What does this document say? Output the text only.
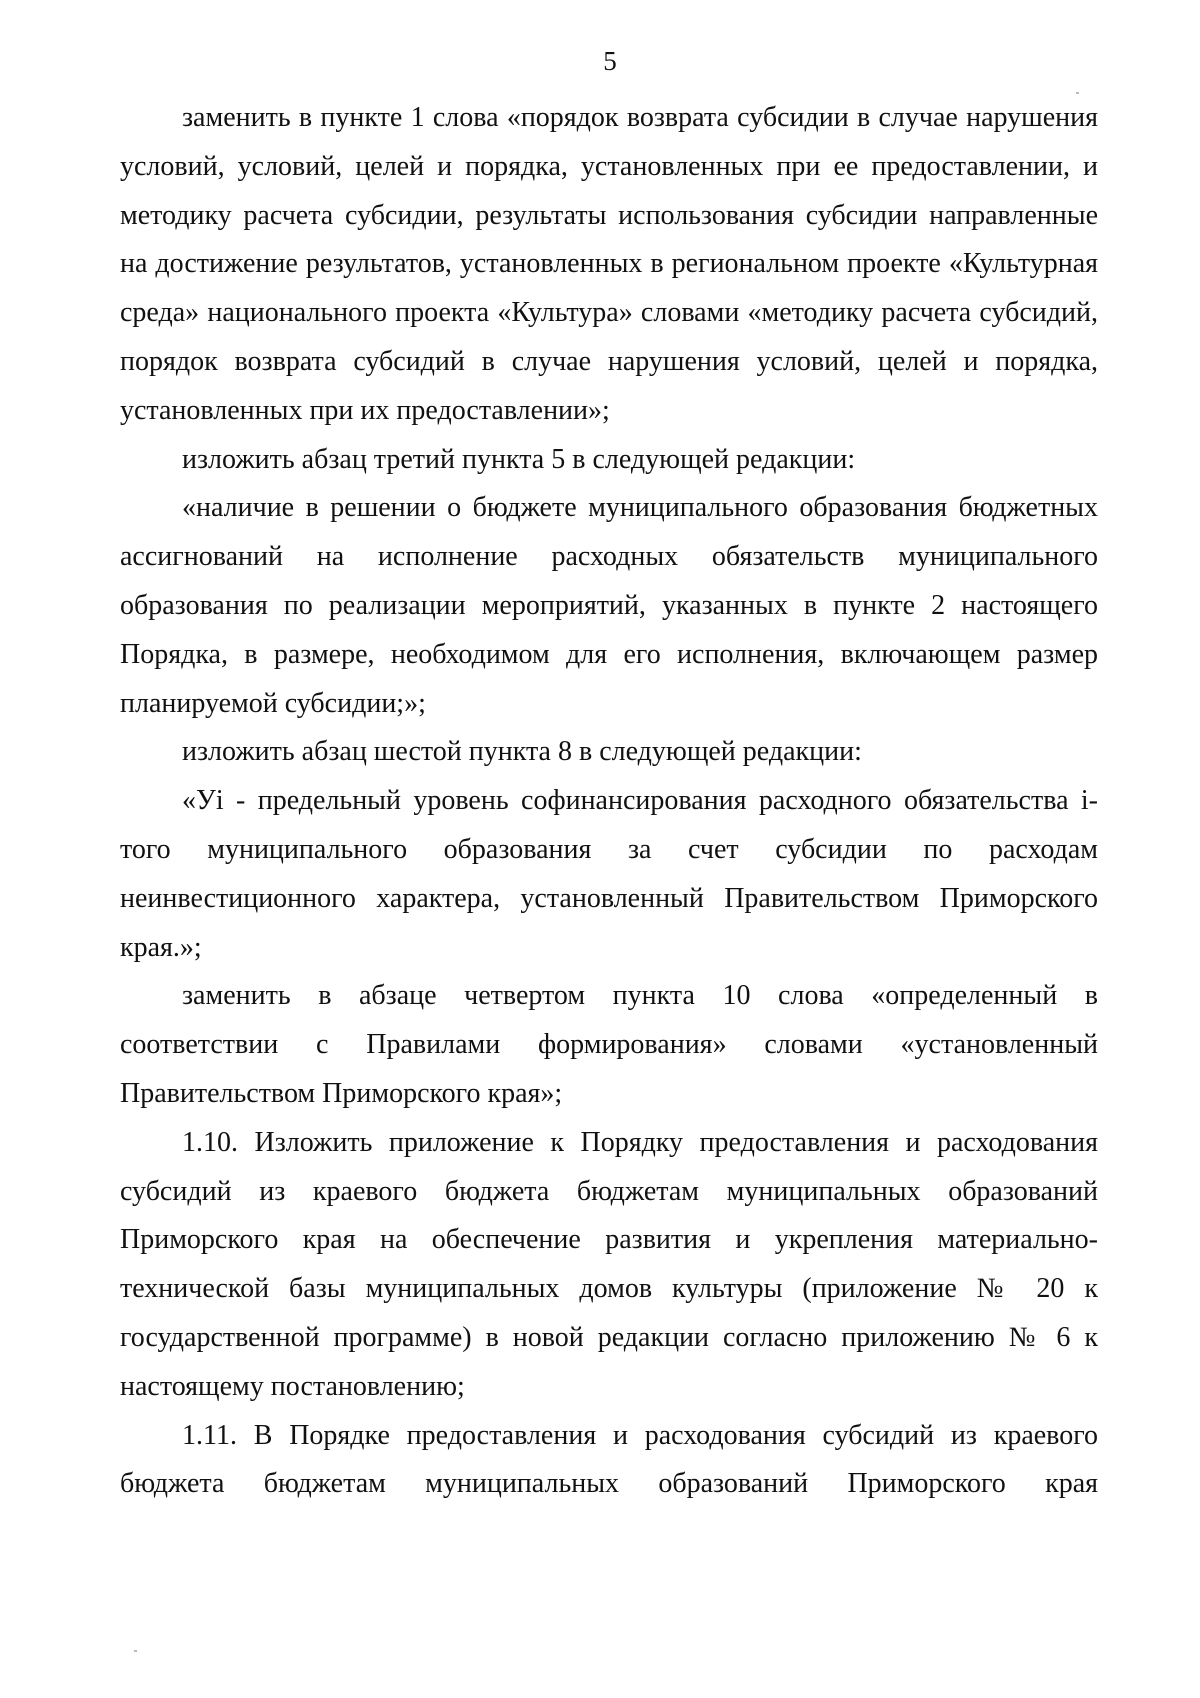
5

заменить в пункте 1 слова «порядок возврата субсидии в случае нарушения условий, условий, целей и порядка, установленных при ее предоставлении, и методику расчета субсидии, результаты использования субсидии направленные на достижение результатов, установленных в региональном проекте «Культурная среда» национального проекта «Культура» словами «методику расчета субсидий, порядок возврата субсидий в случае нарушения условий, целей и порядка, установленных при их предоставлении»;

изложить абзац третий пункта 5 в следующей редакции:

«наличие в решении о бюджете муниципального образования бюджетных ассигнований на исполнение расходных обязательств муниципального образования по реализации мероприятий, указанных в пункте 2 настоящего Порядка, в размере, необходимом для его исполнения, включающем размер планируемой субсидии;»;

изложить абзац шестой пункта 8 в следующей редакции:

«Уi - предельный уровень софинансирования расходного обязательства i-того муниципального образования за счет субсидии по расходам неинвестиционного характера, установленный Правительством Приморского края.»;

заменить в абзаце четвертом пункта 10 слова «определенный в соответствии с Правилами формирования» словами «установленный Правительством Приморского края»;

1.10. Изложить приложение к Порядку предоставления и расходования субсидий из краевого бюджета бюджетам муниципальных образований Приморского края на обеспечение развития и укрепления материально-технической базы муниципальных домов культуры (приложение № 20 к государственной программе) в новой редакции согласно приложению № 6 к настоящему постановлению;

1.11. В Порядке предоставления и расходования субсидий из краевого бюджета бюджетам муниципальных образований Приморского края
